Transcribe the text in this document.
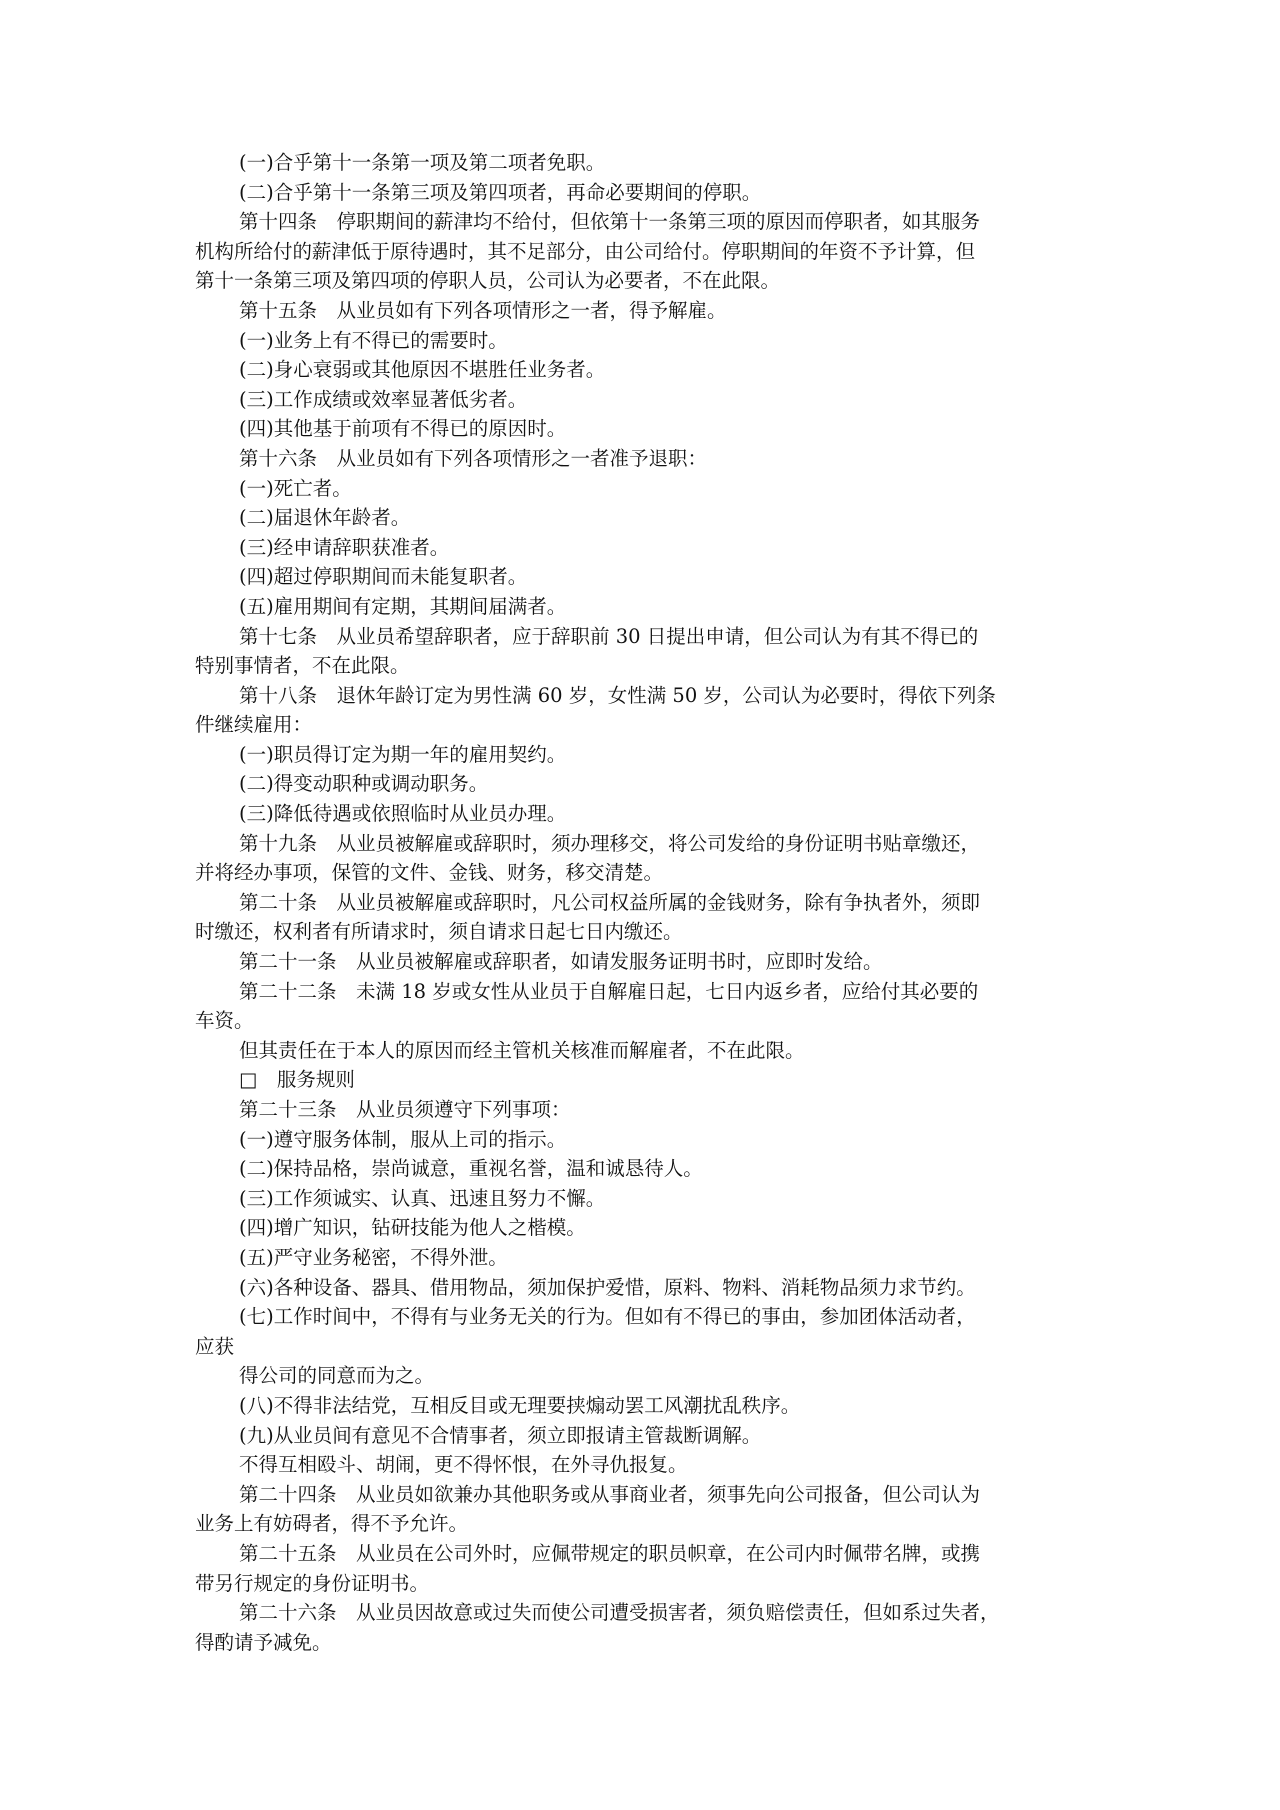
(一)合乎第十一条第一项及第二项者免职。
(二)合乎第十一条第三项及第四项者，再命必要期间的停职。
第十四条　停职期间的薪津均不给付，但依第十一条第三项的原因而停职者，如其服务
机构所给付的薪津低于原待遇时，其不足部分，由公司给付。停职期间的年资不予计算，但
第十一条第三项及第四项的停职人员，公司认为必要者，不在此限。
第十五条　从业员如有下列各项情形之一者，得予解雇。
(一)业务上有不得已的需要时。
(二)身心衰弱或其他原因不堪胜任业务者。
(三)工作成绩或效率显著低劣者。
(四)其他基于前项有不得已的原因时。
第十六条　从业员如有下列各项情形之一者准予退职：
(一)死亡者。
(二)届退休年龄者。
(三)经申请辞职获准者。
(四)超过停职期间而未能复职者。
(五)雇用期间有定期，其期间届满者。
第十七条　从业员希望辞职者，应于辞职前 30 日提出申请，但公司认为有其不得已的
特别事情者，不在此限。
第十八条　退休年龄订定为男性满 60 岁，女性满 50 岁，公司认为必要时，得依下列条
件继续雇用：
(一)职员得订定为期一年的雇用契约。
(二)得变动职种或调动职务。
(三)降低待遇或依照临时从业员办理。
第十九条　从业员被解雇或辞职时，须办理移交，将公司发给的身份证明书贴章缴还，
并将经办事项，保管的文件、金钱、财务，移交清楚。
第二十条　从业员被解雇或辞职时，凡公司权益所属的金钱财务，除有争执者外，须即
时缴还，权利者有所请求时，须自请求日起七日内缴还。
第二十一条　从业员被解雇或辞职者，如请发服务证明书时，应即时发给。
第二十二条　未满 18 岁或女性从业员于自解雇日起，七日内返乡者，应给付其必要的
车资。
但其责任在于本人的原因而经主管机关核准而解雇者，不在此限。
□　服务规则
第二十三条　从业员须遵守下列事项：
(一)遵守服务体制，服从上司的指示。
(二)保持品格，崇尚诚意，重视名誉，温和诚恳待人。
(三)工作须诚实、认真、迅速且努力不懈。
(四)增广知识，钻研技能为他人之楷模。
(五)严守业务秘密，不得外泄。
(六)各种设备、器具、借用物品，须加保护爱惜，原料、物料、消耗物品须力求节约。
(七)工作时间中，不得有与业务无关的行为。但如有不得已的事由，参加团体活动者，
应获
得公司的同意而为之。
(八)不得非法结党，互相反目或无理要挟煽动罢工风潮扰乱秩序。
(九)从业员间有意见不合情事者，须立即报请主管裁断调解。
不得互相殴斗、胡闹，更不得怀恨，在外寻仇报复。
第二十四条　从业员如欲兼办其他职务或从事商业者，须事先向公司报备，但公司认为
业务上有妨碍者，得不予允许。
第二十五条　从业员在公司外时，应佩带规定的职员帜章，在公司内时佩带名牌，或携
带另行规定的身份证明书。
第二十六条　从业员因故意或过失而使公司遭受损害者，须负赔偿责任，但如系过失者，
得酌请予减免。
